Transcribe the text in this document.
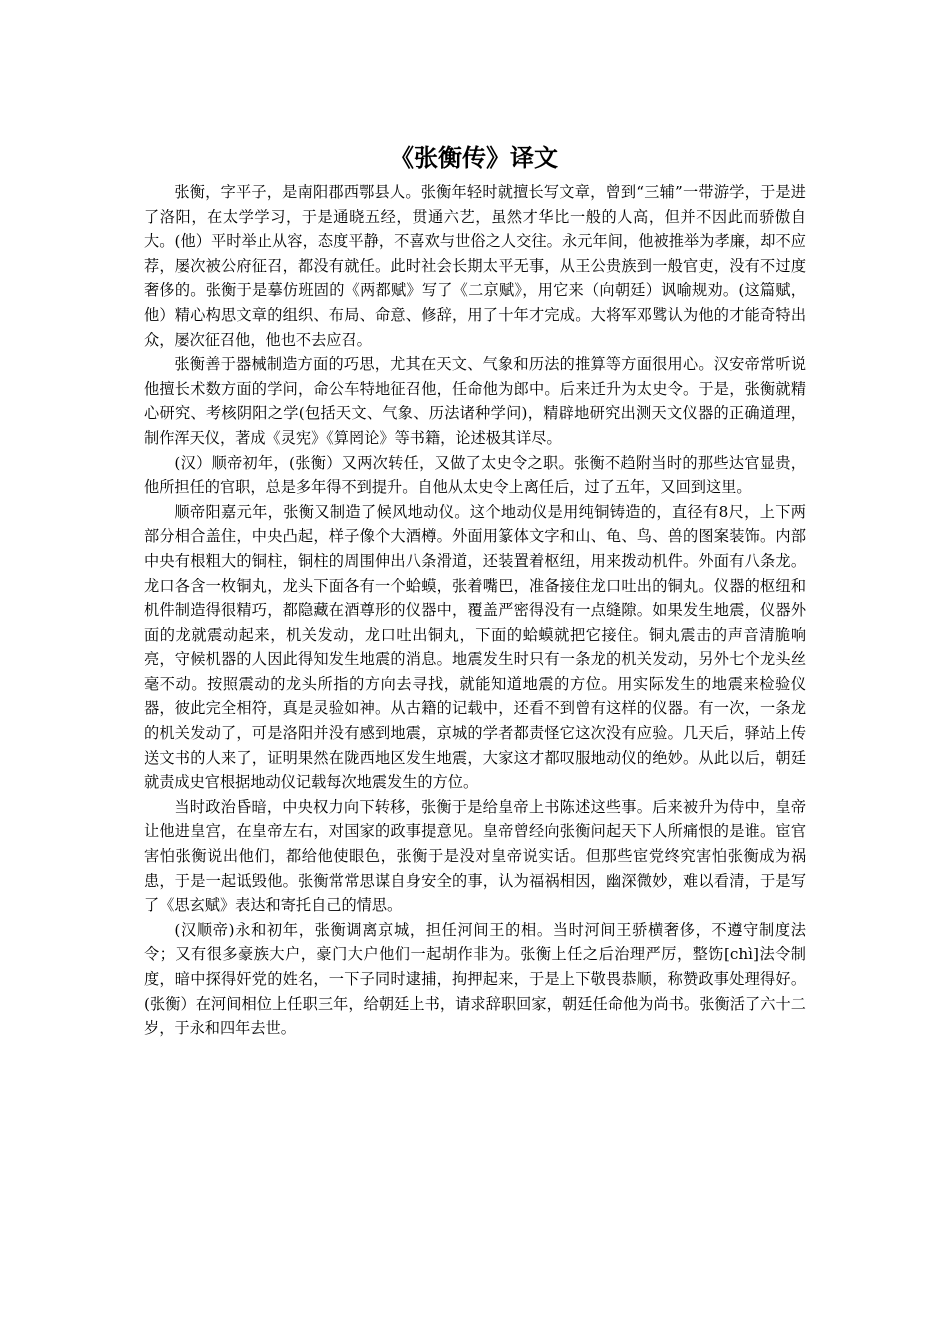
《张衡传》译文

张衡，字平子，是南阳郡西鄂县人。张衡年轻时就擅长写文章，曾到“三辅”一带游学，于是进了洛阳，在太学学习，于是通晓五经，贯通六艺，虽然才华比一般的人高，但并不因此而骄傲自大。(他）平时举止从容，态度平静，不喜欢与世俗之人交往。永元年间，他被推举为孝廉，却不应荐，屡次被公府征召，都没有就任。此时社会长期太平无事，从王公贵族到一般官吏，没有不过度奢侈的。张衡于是摹仿班固的《两都赋》写了《二京赋》，用它来（向朝廷）讽喻规劝。(这篇赋，他）精心构思文章的组织、布局、命意、修辞，用了十年才完成。大将军邓骘认为他的才能奇特出众，屡次征召他，他也不去应召。

张衡善于器械制造方面的巧思，尤其在天文、气象和历法的推算等方面很用心。汉安帝常听说他擅长术数方面的学问，命公车特地征召他，任命他为郎中。后来迁升为太史令。于是，张衡就精心研究、考核阴阳之学(包括天文、气象、历法诸种学问)，精辟地研究出测天文仪器的正确道理，制作浑天仪，著成《灵宪》《算罔论》等书籍，论述极其详尽。

(汉）顺帝初年，(张衡）又两次转任，又做了太史令之职。张衡不趋附当时的那些达官显贵，他所担任的官职，总是多年得不到提升。自他从太史令上离任后，过了五年，又回到这里。

顺帝阳嘉元年，张衡又制造了候风地动仪。这个地动仪是用纯铜铸造的，直径有8尺，上下两部分相合盖住，中央凸起，样子像个大酒樽。外面用篆体文字和山、龟、鸟、兽的图案装饰。内部中央有根粗大的铜柱，铜柱的周围伸出八条滑道，还装置着枢纽，用来拨动机件。外面有八条龙。龙口各含一枚铜丸，龙头下面各有一个蛤蟆，张着嘴巴，准备接住龙口吐出的铜丸。仪器的枢纽和机件制造得很精巧，都隐藏在酒尊形的仪器中，覆盖严密得没有一点缝隙。如果发生地震，仪器外面的龙就震动起来，机关发动，龙口吐出铜丸，下面的蛤蟆就把它接住。铜丸震击的声音清脆响亮，守候机器的人因此得知发生地震的消息。地震发生时只有一条龙的机关发动，另外七个龙头丝毫不动。按照震动的龙头所指的方向去寻找，就能知道地震的方位。用实际发生的地震来检验仪器，彼此完全相符，真是灵验如神。从古籍的记载中，还看不到曾有这样的仪器。有一次，一条龙的机关发动了，可是洛阳并没有感到地震，京城的学者都责怪它这次没有应验。几天后，驿站上传送文书的人来了，证明果然在陇西地区发生地震，大家这才都叹服地动仪的绝妙。从此以后，朝廷就责成史官根据地动仪记载每次地震发生的方位。

当时政治昏暗，中央权力向下转移，张衡于是给皇帝上书陈述这些事。后来被升为侍中，皇帝让他进皇宫，在皇帝左右，对国家的政事提意见。皇帝曾经向张衡问起天下人所痛恨的是谁。宦官害怕张衡说出他们，都给他使眼色，张衡于是没对皇帝说实话。但那些宦党终究害怕张衡成为祸患，于是一起诋毁他。张衡常常思谋自身安全的事，认为福祸相因，幽深微妙，难以看清，于是写了《思玄赋》表达和寄托自己的情思。

(汉顺帝)永和初年，张衡调离京城，担任河间王的相。当时河间王骄横奢侈，不遵守制度法令；又有很多豪族大户，豪门大户他们一起胡作非为。张衡上任之后治理严厉，整饬[chì]法令制度，暗中探得奸党的姓名，一下子同时逮捕，拘押起来，于是上下敬畏恭顺，称赞政事处理得好。(张衡）在河间相位上任职三年，给朝廷上书，请求辞职回家，朝廷任命他为尚书。张衡活了六十二岁，于永和四年去世。
